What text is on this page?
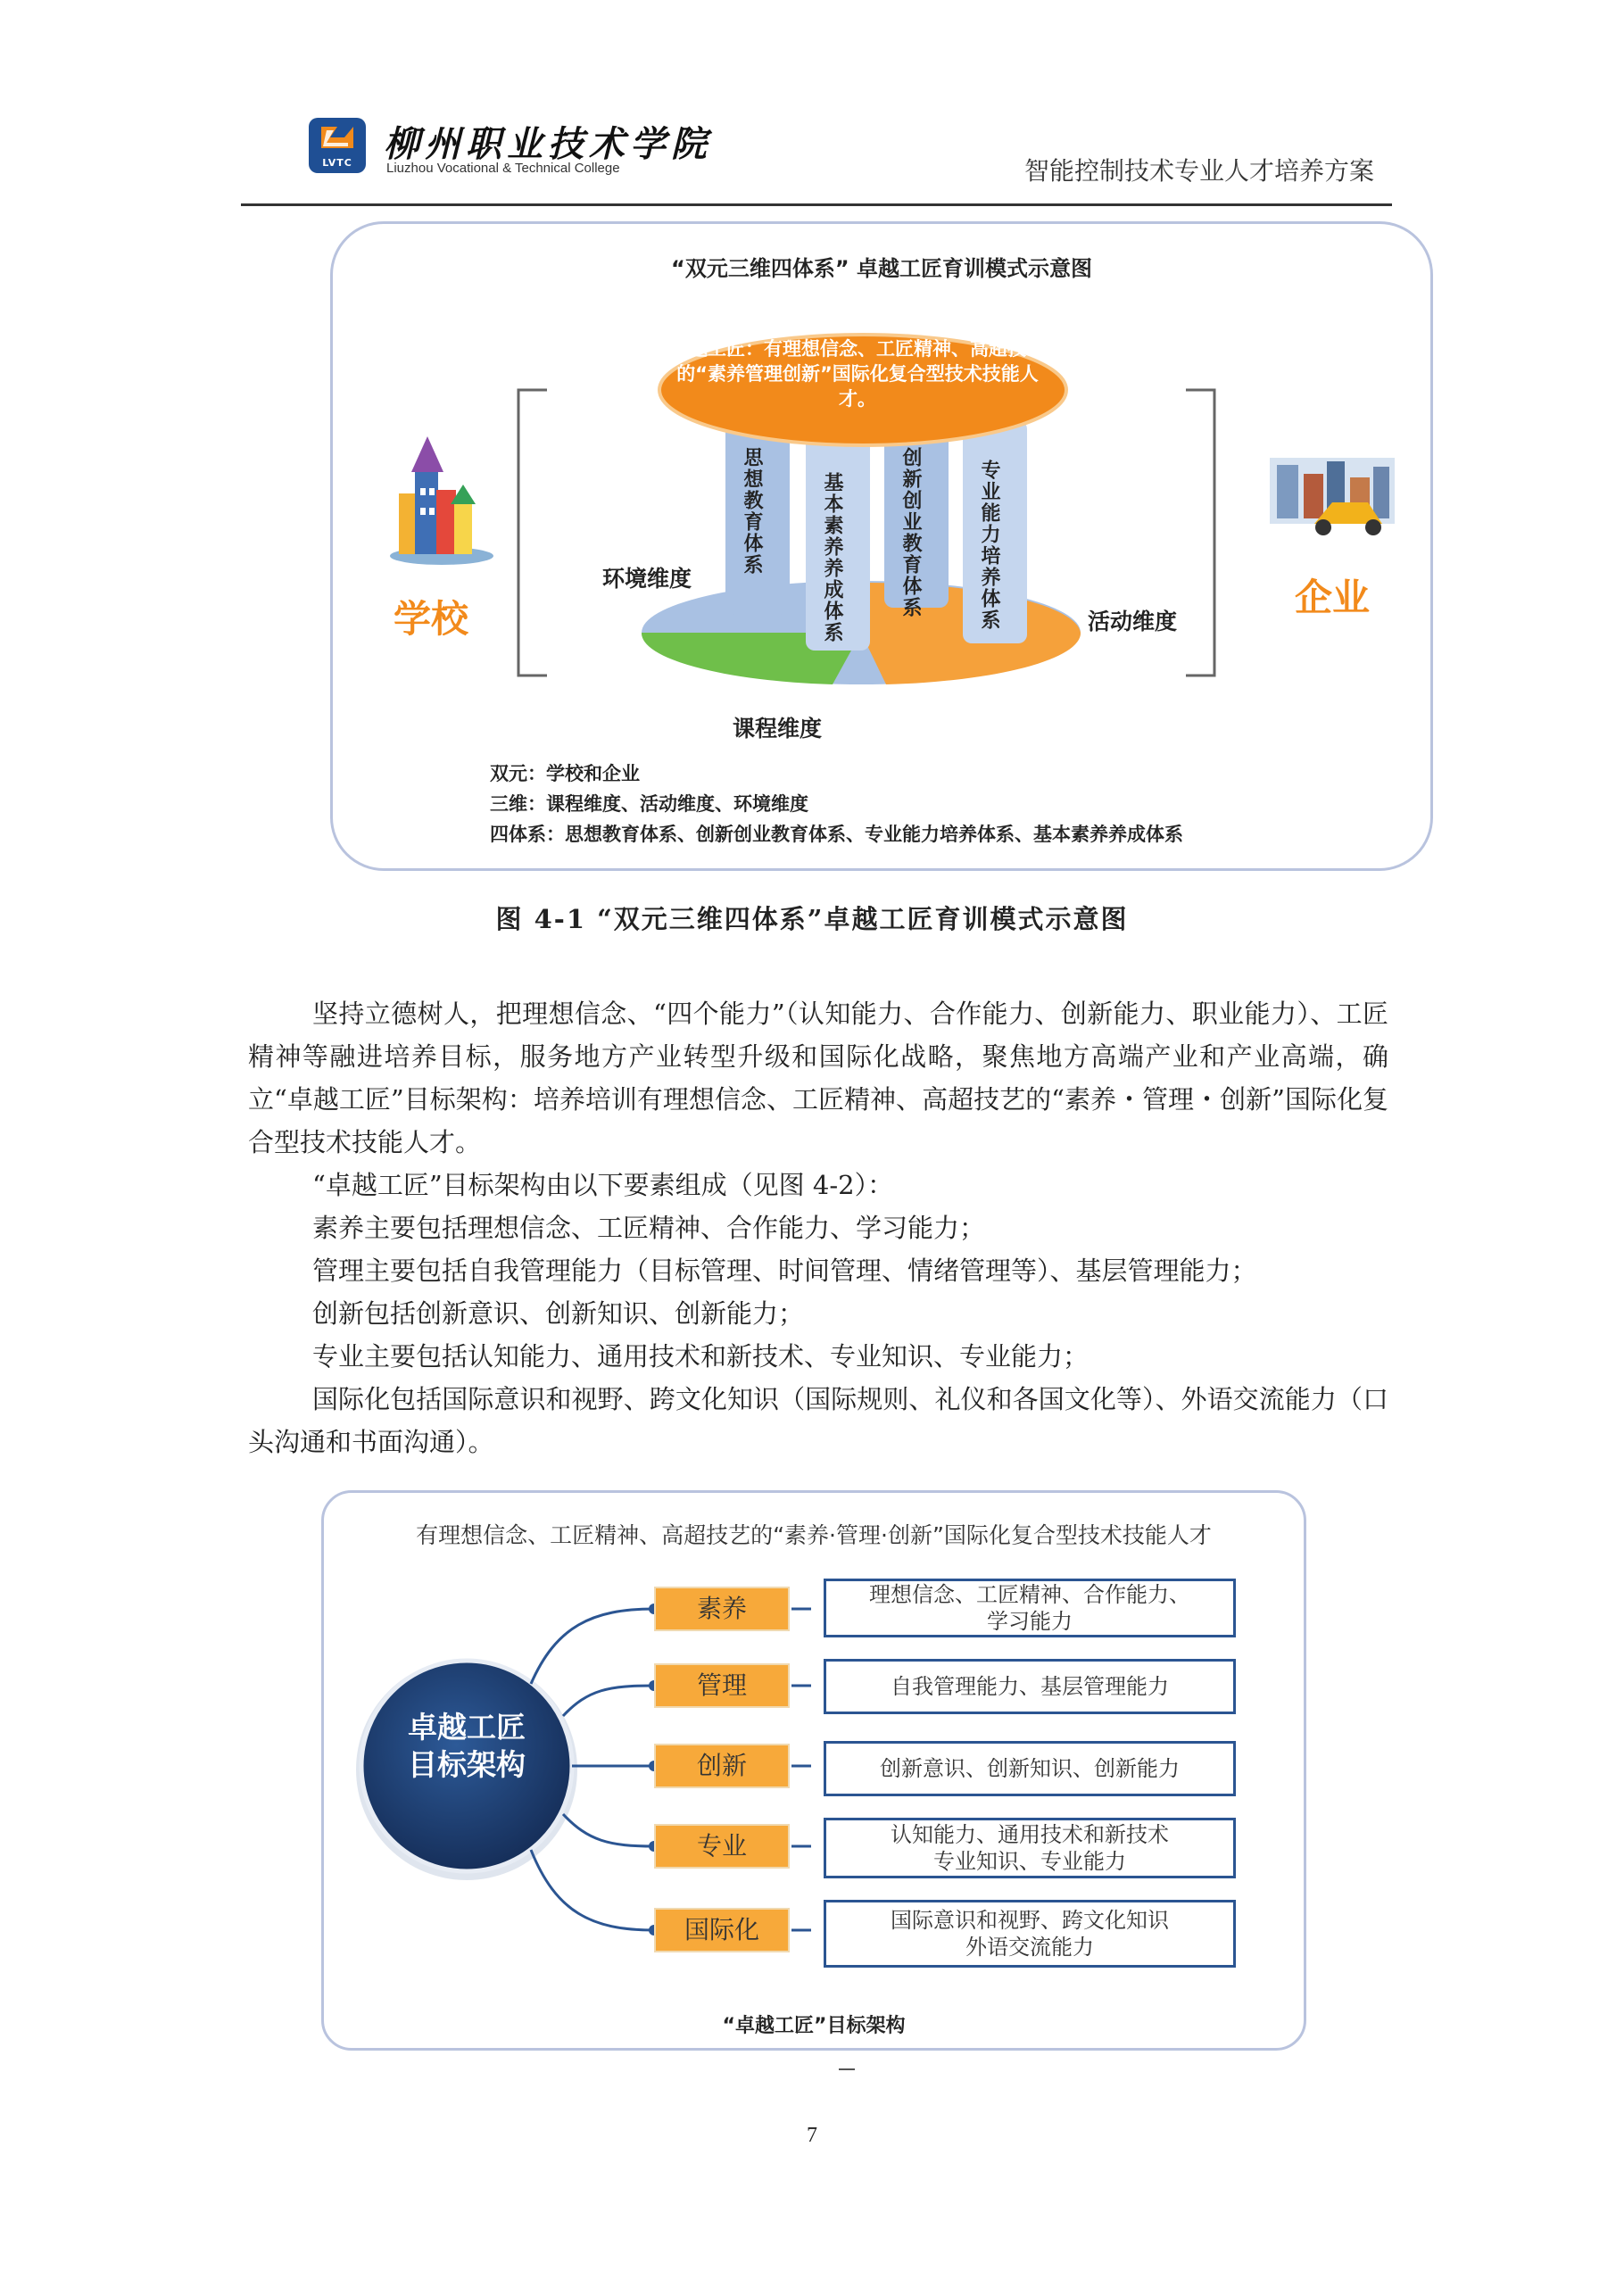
LVTC 柳州职业技术学院
Liuzhou Vocational & Technical College	智能控制技术专业人才培养方案
“双元三维四体系” 卓越工匠育训模式示意图
卓越工匠：有理想信念、工匠精神、高超技艺的“素养管理创新”国际化复合型技术技能人才。
思想教育体系	基本素养养成体系	创新创业教育体系	专业能力培养体系
环境维度
活动维度
课程维度
学校	企业
双元：学校和企业
三维：课程维度、活动维度、环境维度
四体系：思想教育体系、创新创业教育体系、专业能力培养体系、基本素养养成体系
图 4-1 “双元三维四体系”卓越工匠育训模式示意图

坚持立德树人，把理想信念、“四个能力”（认知能力、合作能力、创新能力、职业能力）、工匠精神等融进培养目标，服务地方产业转型升级和国际化战略，聚焦地方高端产业和产业高端，确立“卓越工匠”目标架构：培养培训有理想信念、工匠精神、高超技艺的“素养・管理・创新”国际化复合型技术技能人才。

“卓越工匠”目标架构由以下要素组成（见图 4-2）：

素养主要包括理想信念、工匠精神、合作能力、学习能力；

管理主要包括自我管理能力（目标管理、时间管理、情绪管理等）、基层管理能力；

创新包括创新意识、创新知识、创新能力；

专业主要包括认知能力、通用技术和新技术、专业知识、专业能力；

国际化包括国际意识和视野、跨文化知识（国际规则、礼仪和各国文化等）、外语交流能力（口头沟通和书面沟通）。

有理想信念、工匠精神、高超技艺的“素养·管理·创新”国际化复合型技术技能人才
卓越工匠
目标架构
素养
管理
创新
专业
国际化
理想信念、工匠精神、合作能力、
学习能力
自我管理能力、基层管理能力
创新意识、创新知识、创新能力
认知能力、通用技术和新技术
专业知识、专业能力
国际意识和视野、跨文化知识
外语交流能力
“卓越工匠”目标架构
7
